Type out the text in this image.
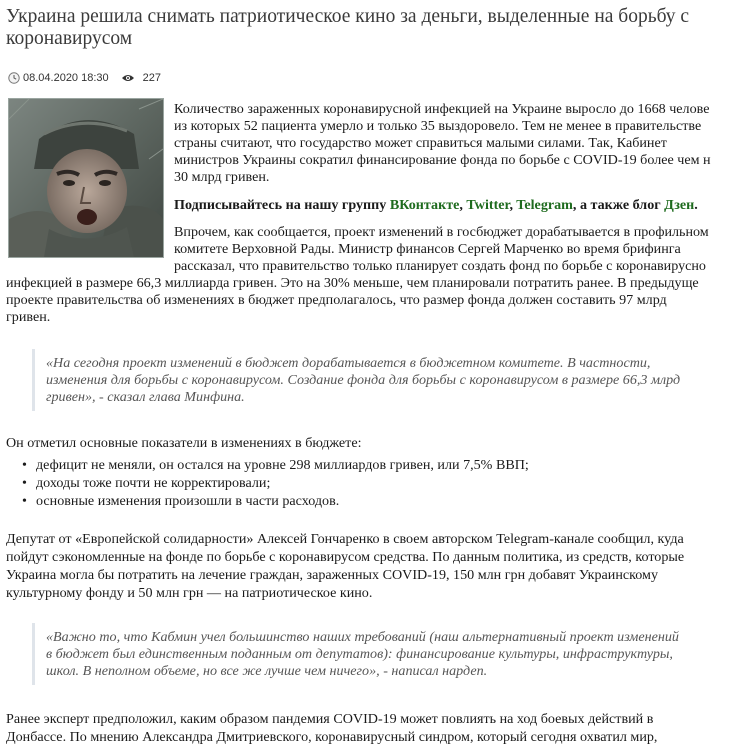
Украина решила снимать патриотическое кино за деньги, выделенные на борьбу с
коронавирусом
08.04.2020 18:30	227
Количество зараженных коронавирусной инфекцией на Украине выросло до 1668 челове
из которых 52 пациента умерло и только 35 выздоровело. Тем не менее в правительстве
страны считают, что государство может справиться малыми силами. Так, Кабинет
министров Украины сократил финансирование фонда по борьбе с COVID-19 более чем н
30 млрд гривен.
Подписывайтесь на нашу группу ВКонтакте, Twitter, Telegram, а также блог Дзен.
Впрочем, как сообщается, проект изменений в госбюджет дорабатывается в профильном
комитете Верховной Рады. Министр финансов Сергей Марченко во время брифинга
рассказал, что правительство только планирует создать фонд по борьбе с коронавирусно
инфекцией в размере 66,3 миллиарда гривен. Это на 30% меньше, чем планировали потратить ранее. В предыдуще
проекте правительства об изменениях в бюджет предполагалось, что размер фонда должен составить 97 млрд
гривен.
«На сегодня проект изменений в бюджет дорабатывается в бюджетном комитете. В частности,
изменения для борьбы с коронавирусом. Создание фонда для борьбы с коронавирусом в размере 66,3 млрд
гривен», - сказал глава Минфина.
Он отметил основные показатели в изменениях в бюджете:
• дефицит не меняли, он остался на уровне 298 миллиардов гривен, или 7,5% ВВП;
• доходы тоже почти не корректировали;
• основные изменения произошли в части расходов.
Депутат от «Европейской солидарности» Алексей Гончаренко в своем авторском Telegram-канале сообщил, куда
пойдут сэкономленные на фонде по борьбе с коронавирусом средства. По данным политика, из средств, которые
Украина могла бы потратить на лечение граждан, зараженных COVID-19, 150 млн грн добавят Украинскому
культурному фонду и 50 млн грн — на патриотическое кино.
«Важно то, что Кабмин учел большинство наших требований (наш альтернативный проект изменений
в бюджет был единственным поданным от депутатов): финансирование культуры, инфраструктуры,
школ. В неполном объеме, но все же лучше чем ничего», - написал нардеп.
Ранее эксперт предположил, каким образом пандемия COVID-19 может повлиять на ход боевых действий в
Донбассе. По мнению Александра Дмитриевского, коронавирусный синдром, который сегодня охватил мир,
